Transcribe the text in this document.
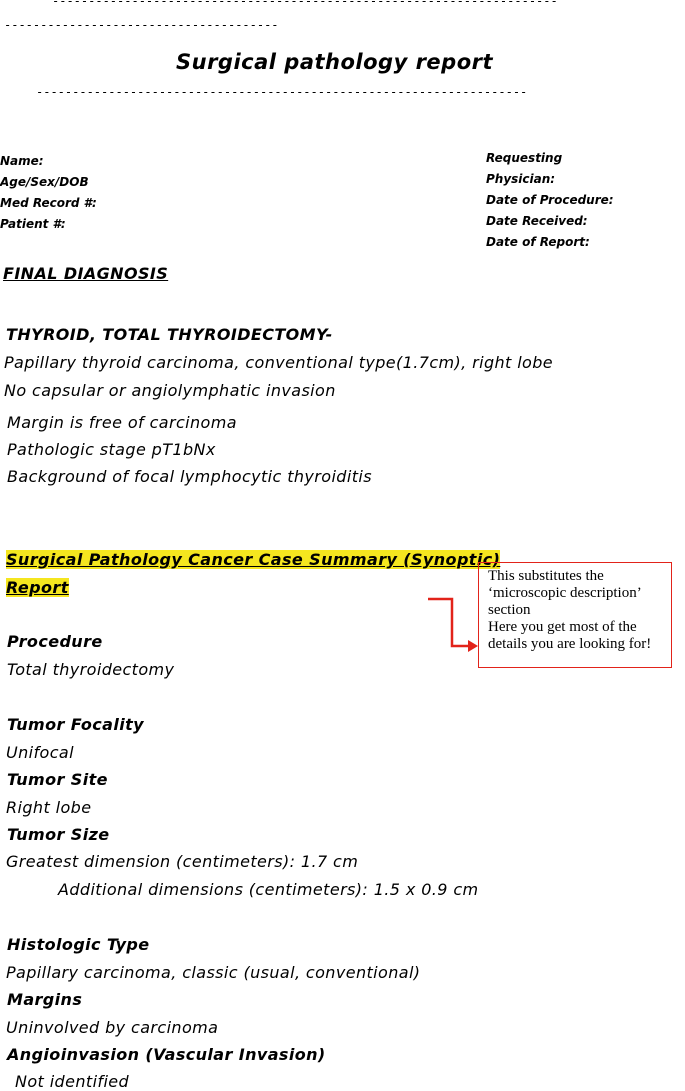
----------------------------------------------------------------------
--------------------------------------
Surgical pathology report
--------------------------------------------------------------------
Name:
Age/Sex/DOB
Med Record #:
Patient #:
Requesting
Physician:
Date of Procedure:
Date Received:
Date of Report:
FINAL DIAGNOSIS
THYROID, TOTAL THYROIDECTOMY-
Papillary thyroid carcinoma, conventional type(1.7cm), right lobe
No capsular or angiolymphatic invasion
Margin is free of carcinoma
Pathologic stage pT1bNx
Background of focal lymphocytic thyroiditis
Surgical Pathology Cancer Case Summary (Synoptic)
Report
This substitutes the
‘microscopic description’
section
Here you get most of the
details you are looking for!
Procedure
Total thyroidectomy
Tumor Focality
Unifocal
Tumor Site
Right lobe
Tumor Size
Greatest dimension (centimeters): 1.7 cm
Additional dimensions (centimeters): 1.5 x 0.9 cm
Histologic Type
Papillary carcinoma, classic (usual, conventional)
Margins
Uninvolved by carcinoma
Angioinvasion (Vascular Invasion)
Not identified
